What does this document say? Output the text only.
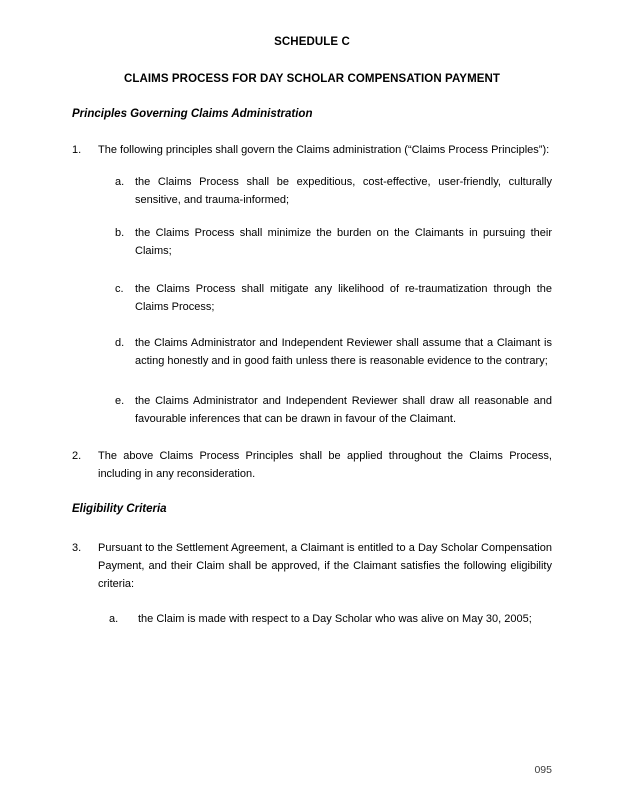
SCHEDULE C
CLAIMS PROCESS FOR DAY SCHOLAR COMPENSATION PAYMENT
Principles Governing Claims Administration
1. The following principles shall govern the Claims administration (“Claims Process Principles”):
a. the Claims Process shall be expeditious, cost-effective, user-friendly, culturally sensitive, and trauma-informed;
b. the Claims Process shall minimize the burden on the Claimants in pursuing their Claims;
c. the Claims Process shall mitigate any likelihood of re-traumatization through the Claims Process;
d. the Claims Administrator and Independent Reviewer shall assume that a Claimant is acting honestly and in good faith unless there is reasonable evidence to the contrary;
e. the Claims Administrator and Independent Reviewer shall draw all reasonable and favourable inferences that can be drawn in favour of the Claimant.
2. The above Claims Process Principles shall be applied throughout the Claims Process, including in any reconsideration.
Eligibility Criteria
3. Pursuant to the Settlement Agreement, a Claimant is entitled to a Day Scholar Compensation Payment, and their Claim shall be approved, if the Claimant satisfies the following eligibility criteria:
a. the Claim is made with respect to a Day Scholar who was alive on May 30, 2005;
095
